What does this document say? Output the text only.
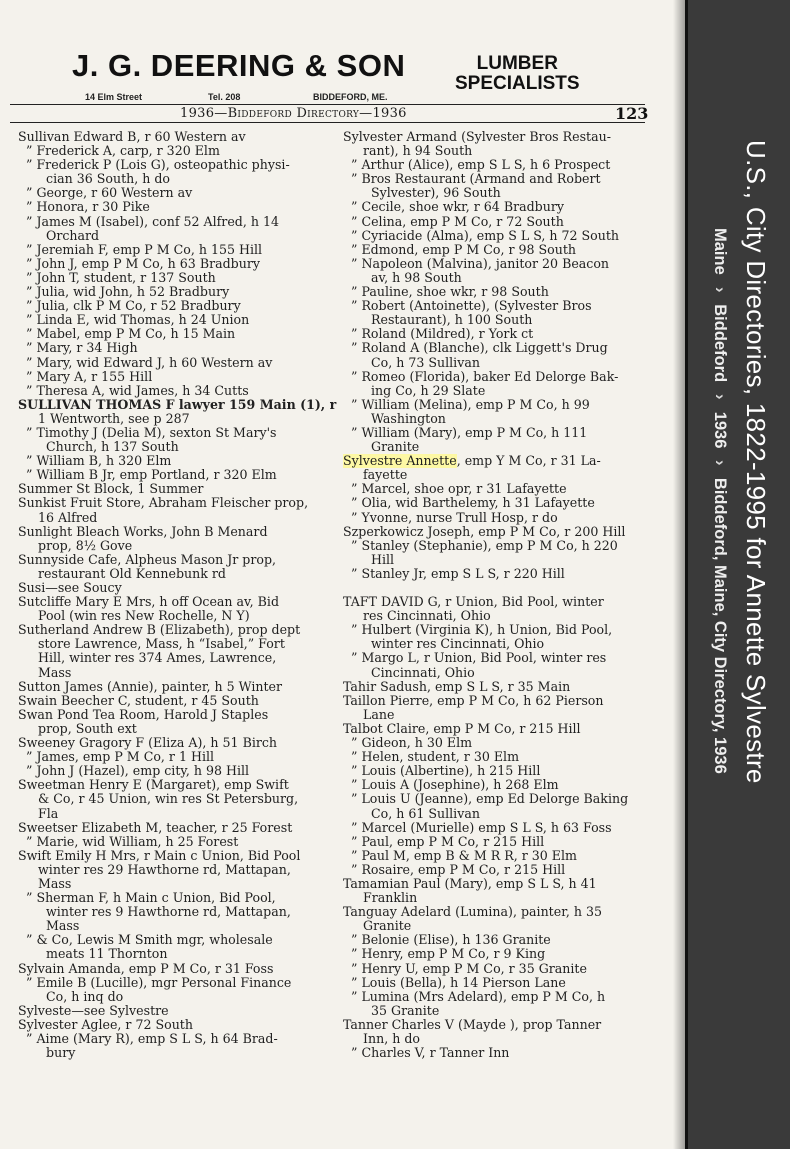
J. G. DEERING & SON
14 Elm Street	Tel. 208	BIDDEFORD, ME.
LUMBER
SPECIALISTS
1936—Biddeford Directory—1936	123
Sullivan Edward B, r 60 Western av
” Frederick A, carp, r 320 Elm
” Frederick P (Lois G), osteopathic physi-
cian 36 South, h do
” George, r 60 Western av
” Honora, r 30 Pike
” James M (Isabel), conf 52 Alfred, h 14
Orchard
” Jeremiah F, emp P M Co, h 155 Hill
” John J, emp P M Co, h 63 Bradbury
” John T, student, r 137 South
” Julia, wid John, h 52 Bradbury
” Julia, clk P M Co, r 52 Bradbury
” Linda E, wid Thomas, h 24 Union
” Mabel, emp P M Co, h 15 Main
” Mary, r 34 High
” Mary, wid Edward J, h 60 Western av
” Mary A, r 155 Hill
” Theresa A, wid James, h 34 Cutts
SULLIVAN THOMAS F lawyer 159 Main (1), r
1 Wentworth, see p 287
” Timothy J (Delia M), sexton St Mary's
Church, h 137 South
” William B, h 320 Elm
” William B Jr, emp Portland, r 320 Elm
Summer St Block, 1 Summer
Sunkist Fruit Store, Abraham Fleischer prop,
16 Alfred
Sunlight Bleach Works, John B Menard
prop, 8½ Gove
Sunnyside Cafe, Alpheus Mason Jr prop,
restaurant Old Kennebunk rd
Susi—see Soucy
Sutcliffe Mary E Mrs, h off Ocean av, Bid
Pool (win res New Rochelle, N Y)
Sutherland Andrew B (Elizabeth), prop dept
store Lawrence, Mass, h “Isabel,” Fort
Hill, winter res 374 Ames, Lawrence,
Mass
Sutton James (Annie), painter, h 5 Winter
Swain Beecher C, student, r 45 South
Swan Pond Tea Room, Harold J Staples
prop, South ext
Sweeney Gragory F (Eliza A), h 51 Birch
” James, emp P M Co, r 1 Hill
” John J (Hazel), emp city, h 98 Hill
Sweetman Henry E (Margaret), emp Swift
& Co, r 45 Union, win res St Petersburg,
Fla
Sweetser Elizabeth M, teacher, r 25 Forest
” Marie, wid William, h 25 Forest
Swift Emily H Mrs, r Main c Union, Bid Pool
winter res 29 Hawthorne rd, Mattapan,
Mass
” Sherman F, h Main c Union, Bid Pool,
winter res 9 Hawthorne rd, Mattapan,
Mass
” & Co, Lewis M Smith mgr, wholesale
meats 11 Thornton
Sylvain Amanda, emp P M Co, r 31 Foss
” Emile B (Lucille), mgr Personal Finance
Co, h inq do
Sylveste—see Sylvestre
Sylvester Aglee, r 72 South
” Aime (Mary R), emp S L S, h 64 Brad-
bury
Sylvester Armand (Sylvester Bros Restau-
rant), h 94 South
” Arthur (Alice), emp S L S, h 6 Prospect
” Bros Restaurant (Armand and Robert
Sylvester), 96 South
” Cecile, shoe wkr, r 64 Bradbury
” Celina, emp P M Co, r 72 South
” Cyriacide (Alma), emp S L S, h 72 South
” Edmond, emp P M Co, r 98 South
” Napoleon (Malvina), janitor 20 Beacon
av, h 98 South
” Pauline, shoe wkr, r 98 South
” Robert (Antoinette), (Sylvester Bros
Restaurant), h 100 South
” Roland (Mildred), r York ct
” Roland A (Blanche), clk Liggett's Drug
Co, h 73 Sullivan
” Romeo (Florida), baker Ed Delorge Bak-
ing Co, h 29 Slate
” William (Melina), emp P M Co, h 99
Washington
” William (Mary), emp P M Co, h 111
Granite
Sylvestre Annette, emp Y M Co, r 31 La-
fayette
” Marcel, shoe opr, r 31 Lafayette
” Olia, wid Barthelemy, h 31 Lafayette
” Yvonne, nurse Trull Hosp, r do
Szperkowicz Joseph, emp P M Co, r 200 Hill
” Stanley (Stephanie), emp P M Co, h 220
Hill
” Stanley Jr, emp S L S, r 220 Hill

TAFT DAVID G, r Union, Bid Pool, winter
res Cincinnati, Ohio
” Hulbert (Virginia K), h Union, Bid Pool,
winter res Cincinnati, Ohio
” Margo L, r Union, Bid Pool, winter res
Cincinnati, Ohio
Tahir Sadush, emp S L S, r 35 Main
Taillon Pierre, emp P M Co, h 62 Pierson
Lane
Talbot Claire, emp P M Co, r 215 Hill
” Gideon, h 30 Elm
” Helen, student, r 30 Elm
” Louis (Albertine), h 215 Hill
” Louis A (Josephine), h 268 Elm
” Louis U (Jeanne), emp Ed Delorge Baking
Co, h 61 Sullivan
” Marcel (Murielle) emp S L S, h 63 Foss
” Paul, emp P M Co, r 215 Hill
” Paul M, emp B & M R R, r 30 Elm
” Rosaire, emp P M Co, r 215 Hill
Tamamian Paul (Mary), emp S L S, h 41
Franklin
Tanguay Adelard (Lumina), painter, h 35
Granite
” Belonie (Elise), h 136 Granite
” Henry, emp P M Co, r 9 King
” Henry U, emp P M Co, r 35 Granite
” Louis (Bella), h 14 Pierson Lane
” Lumina (Mrs Adelard), emp P M Co, h
35 Granite
Tanner Charles V (Mayde ), prop Tanner
Inn, h do
” Charles V, r Tanner Inn
U.S., City Directories, 1822-1995 for Annette Sylvestre
Maine›Biddeford›1936›Biddeford, Maine, City Directory, 1936
